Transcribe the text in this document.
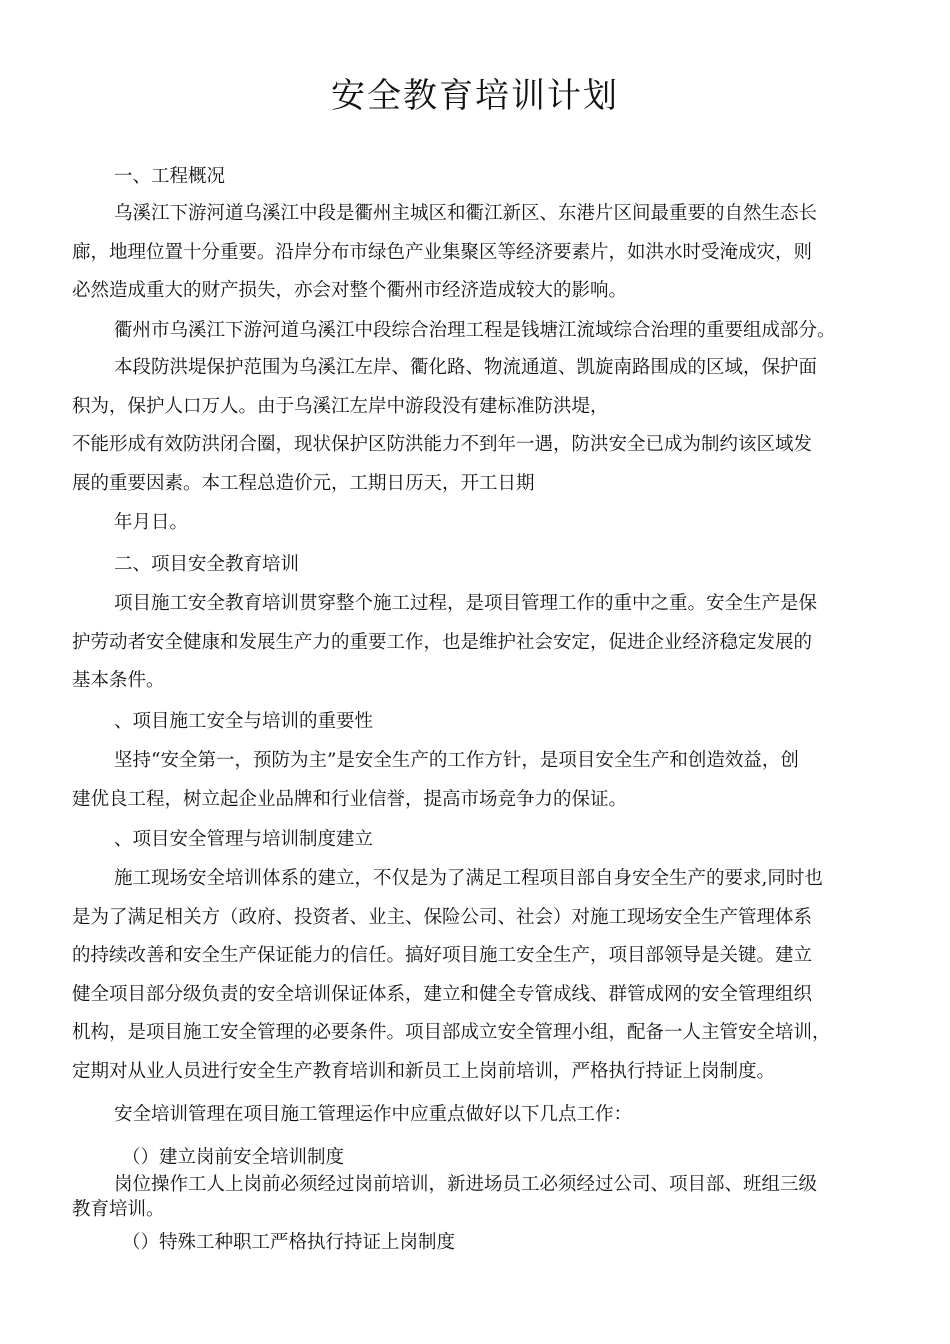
安全教育培训计划

一、工程概况

乌溪江下游河道乌溪江中段是衢州主城区和衢江新区、东港片区间最重要的自然生态长
廊，地理位置十分重要。沿岸分布市绿色产业集聚区等经济要素片，如洪水时受淹成灾，则
必然造成重大的财产损失，亦会对整个衢州市经济造成较大的影响。

衢州市乌溪江下游河道乌溪江中段综合治理工程是钱塘江流域综合治理的重要组成部分。

本段防洪堤保护范围为乌溪江左岸、衢化路、物流通道、凯旋南路围成的区域，保护面
积为，保护人口万人。由于乌溪江左岸中游段没有建标准防洪堤，
不能形成有效防洪闭合圈，现状保护区防洪能力不到年一遇，防洪安全已成为制约该区域发
展的重要因素。本工程总造价元，工期日历天，开工日期

年月日。

二、项目安全教育培训

项目施工安全教育培训贯穿整个施工过程，是项目管理工作的重中之重。安全生产是保
护劳动者安全健康和发展生产力的重要工作，也是维护社会安定，促进企业经济稳定发展的
基本条件。

、项目施工安全与培训的重要性

坚持“安全第一，预防为主”是安全生产的工作方针，是项目安全生产和创造效益，创
建优良工程，树立起企业品牌和行业信誉，提高市场竞争力的保证。

、项目安全管理与培训制度建立

施工现场安全培训体系的建立，不仅是为了满足工程项目部自身安全生产的要求,同时也
是为了满足相关方（政府、投资者、业主、保险公司、社会）对施工现场安全生产管理体系
的持续改善和安全生产保证能力的信任。搞好项目施工安全生产，项目部领导是关键。建立
健全项目部分级负责的安全培训保证体系，建立和健全专管成线、群管成网的安全管理组织
机构，是项目施工安全管理的必要条件。项目部成立安全管理小组，配备一人主管安全培训，
定期对从业人员进行安全生产教育培训和新员工上岗前培训，严格执行持证上岗制度。

安全培训管理在项目施工管理运作中应重点做好以下几点工作：

（）建立岗前安全培训制度

岗位操作工人上岗前必须经过岗前培训，新进场员工必须经过公司、项目部、班组三级
教育培训。

（）特殊工种职工严格执行持证上岗制度
